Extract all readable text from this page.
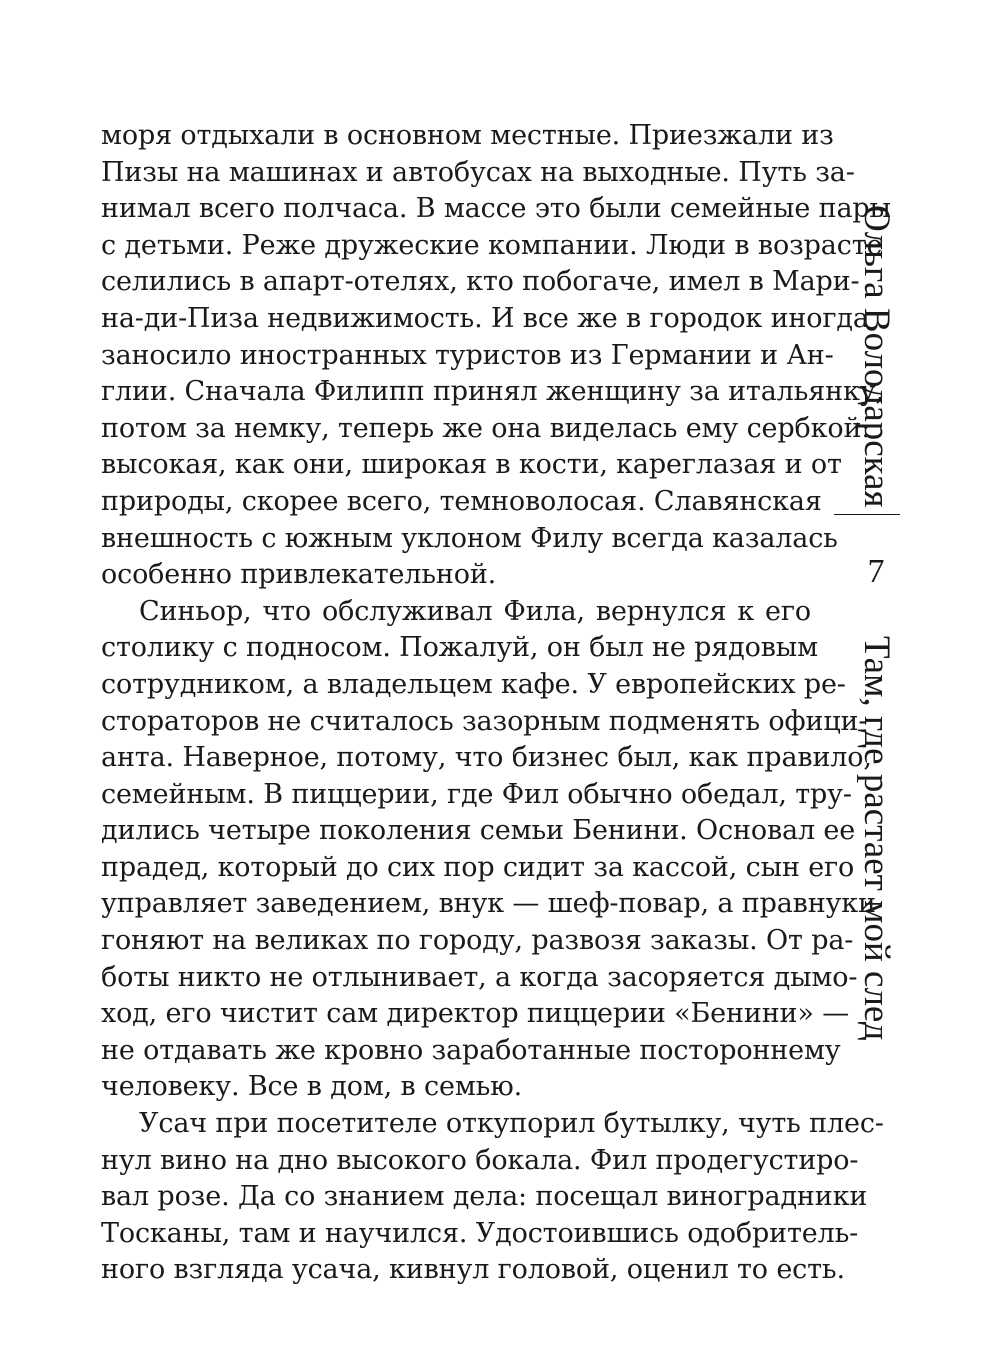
моря отдыхали в основном местные. Приезжали из
Пизы на машинах и автобусах на выходные. Путь за-
нимал всего полчаса. В массе это были семейные пары
с детьми. Реже дружеские компании. Люди в возрасте
селились в апарт-отелях, кто побогаче, имел в Мари-
на-ди-Пиза недвижимость. И все же в городок иногда
заносило иностранных туристов из Германии и Ан-
глии. Сначала Филипп принял женщину за итальянку,
потом за немку, теперь же она виделась ему сербкой:
высокая, как они, широкая в кости, кареглазая и от
природы, скорее всего, темноволосая. Славянская
внешность с южным уклоном Филу всегда казалась
особенно привлекательной.

Синьор, что обслуживал Фила, вернулся к его
столику с подносом. Пожалуй, он был не рядовым
сотрудником, а владельцем кафе. У европейских ре-
стораторов не считалось зазорным подменять офици-
анта. Наверное, потому, что бизнес был, как правило,
семейным. В пиццерии, где Фил обычно обедал, тру-
дились четыре поколения семьи Бенини. Основал ее
прадед, который до сих пор сидит за кассой, сын его
управляет заведением, внук — шеф-повар, а правнуки
гоняют на великах по городу, развозя заказы. От ра-
боты никто не отлынивает, а когда засоряется дымо-
ход, его чистит сам директор пиццерии «Бенини» —
не отдавать же кровно заработанные постороннему
человеку. Все в дом, в семью.

Усач при посетителе откупорил бутылку, чуть плес-
нул вино на дно высокого бокала. Фил продегустиро-
вал розе. Да со знанием дела: посещал виноградники
Тосканы, там и научился. Удостоившись одобритель-
ного взгляда усача, кивнул головой, оценил то есть.

Ольга Володарская
7
Там, где растает мой след
